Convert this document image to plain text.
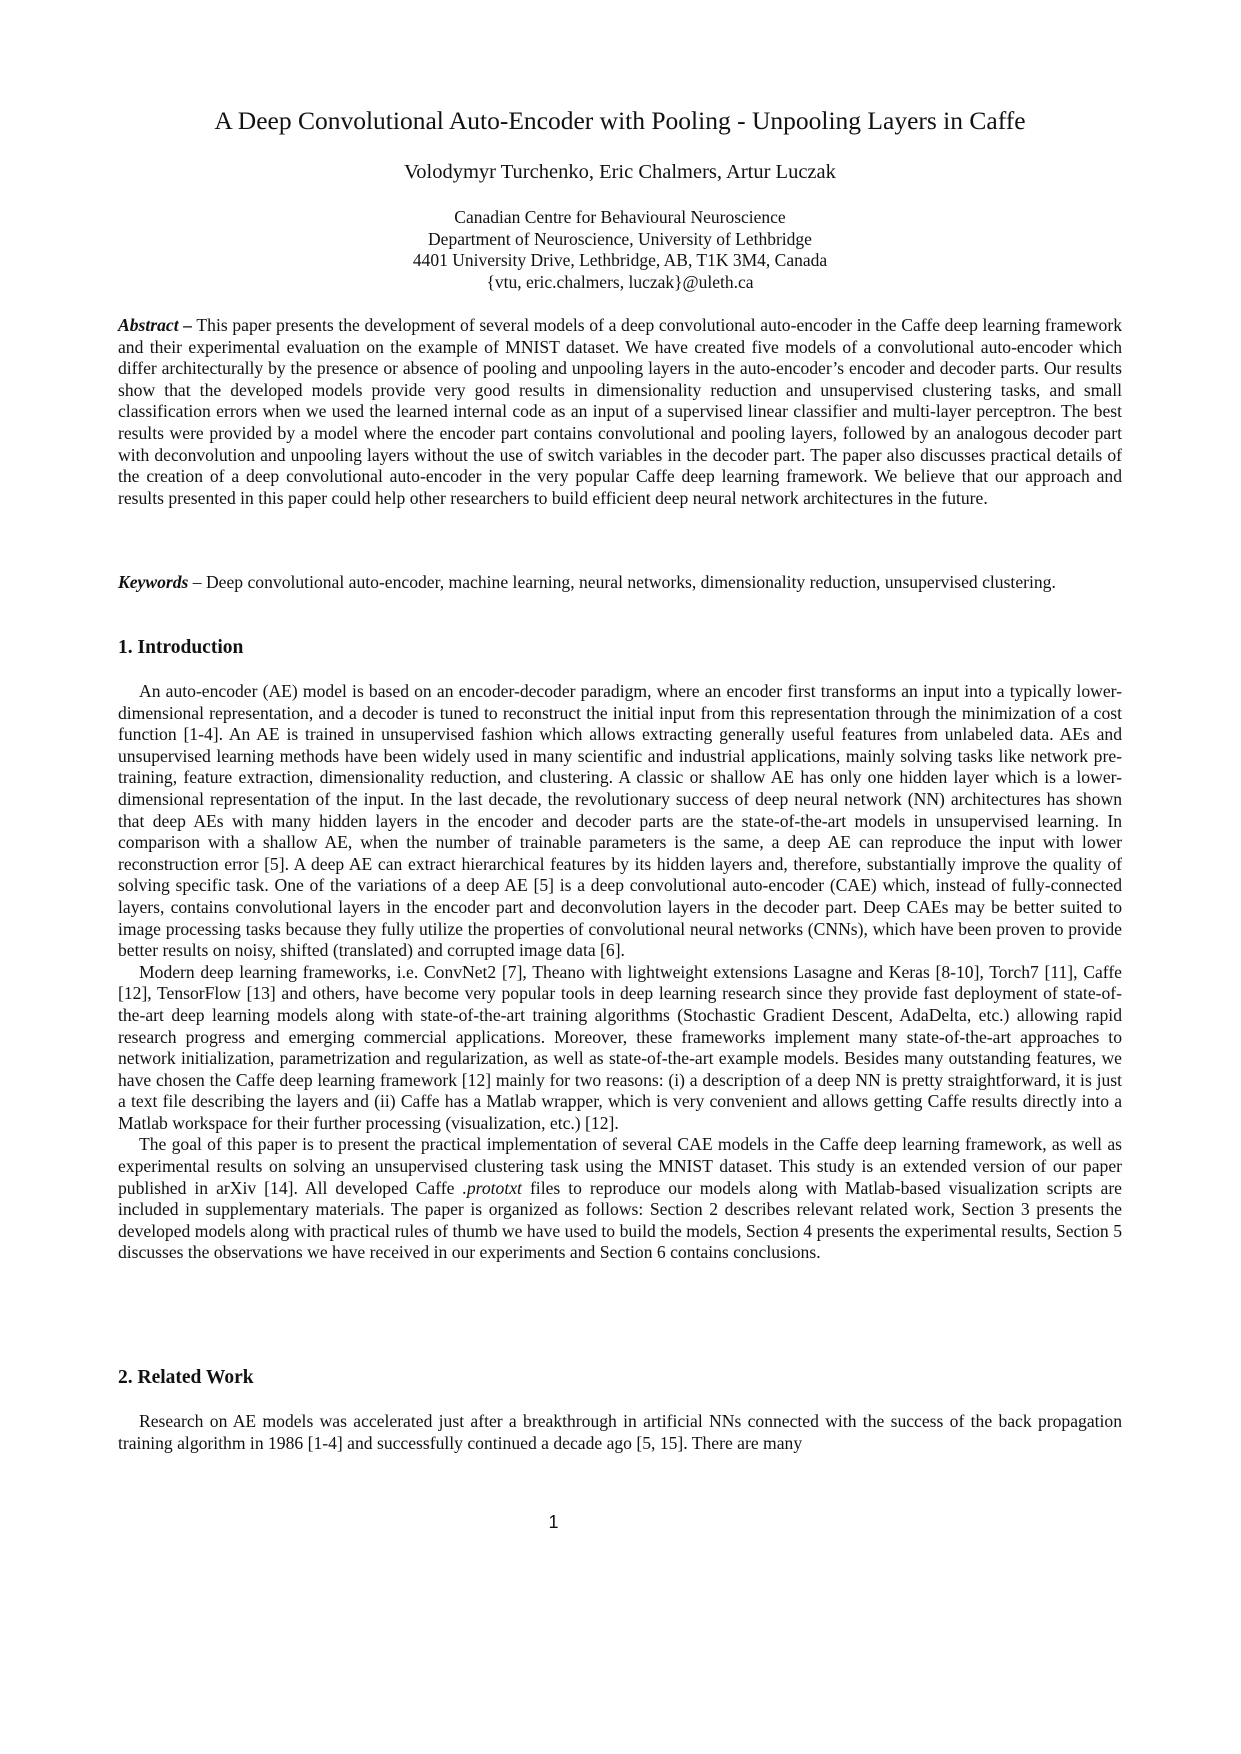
A Deep Convolutional Auto-Encoder with Pooling - Unpooling Layers in Caffe
Volodymyr Turchenko, Eric Chalmers, Artur Luczak
Canadian Centre for Behavioural Neuroscience
Department of Neuroscience, University of Lethbridge
4401 University Drive, Lethbridge, AB, T1K 3M4, Canada
{vtu, eric.chalmers, luczak}@uleth.ca

Abstract – This paper presents the development of several models of a deep convolutional auto-encoder in the Caffe deep learning framework and their experimental evaluation on the example of MNIST dataset. We have created five models of a convolutional auto-encoder which differ architecturally by the presence or absence of pooling and unpooling layers in the auto-encoder’s encoder and decoder parts. Our results show that the developed models provide very good results in dimensionality reduction and unsupervised clustering tasks, and small classification errors when we used the learned internal code as an input of a supervised linear classifier and multi-layer perceptron. The best results were provided by a model where the encoder part contains convolutional and pooling layers, followed by an analogous decoder part with deconvolution and unpooling layers without the use of switch variables in the decoder part. The paper also discusses practical details of the creation of a deep convolutional auto-encoder in the very popular Caffe deep learning framework. We believe that our approach and results presented in this paper could help other researchers to build efficient deep neural network architectures in the future.

Keywords – Deep convolutional auto-encoder, machine learning, neural networks, dimensionality reduction, unsupervised clustering.

1. Introduction

An auto-encoder (AE) model is based on an encoder-decoder paradigm, where an encoder first transforms an input into a typically lower-dimensional representation, and a decoder is tuned to reconstruct the initial input from this representation through the minimization of a cost function [1-4]. An AE is trained in unsupervised fashion which allows extracting generally useful features from unlabeled data. AEs and unsupervised learning methods have been widely used in many scientific and industrial applications, mainly solving tasks like network pre-training, feature extraction, dimensionality reduction, and clustering. A classic or shallow AE has only one hidden layer which is a lower-dimensional representation of the input. In the last decade, the revolutionary success of deep neural network (NN) architectures has shown that deep AEs with many hidden layers in the encoder and decoder parts are the state-of-the-art models in unsupervised learning. In comparison with a shallow AE, when the number of trainable parameters is the same, a deep AE can reproduce the input with lower reconstruction error [5]. A deep AE can extract hierarchical features by its hidden layers and, therefore, substantially improve the quality of solving specific task. One of the variations of a deep AE [5] is a deep convolutional auto-encoder (CAE) which, instead of fully-connected layers, contains convolutional layers in the encoder part and deconvolution layers in the decoder part. Deep CAEs may be better suited to image processing tasks because they fully utilize the properties of convolutional neural networks (CNNs), which have been proven to provide better results on noisy, shifted (translated) and corrupted image data [6].

Modern deep learning frameworks, i.e. ConvNet2 [7], Theano with lightweight extensions Lasagne and Keras [8-10], Torch7 [11], Caffe [12], TensorFlow [13] and others, have become very popular tools in deep learning research since they provide fast deployment of state-of-the-art deep learning models along with state-of-the-art training algorithms (Stochastic Gradient Descent, AdaDelta, etc.) allowing rapid research progress and emerging commercial applications. Moreover, these frameworks implement many state-of-the-art approaches to network initialization, parametrization and regularization, as well as state-of-the-art example models. Besides many outstanding features, we have chosen the Caffe deep learning framework [12] mainly for two reasons: (i) a description of a deep NN is pretty straightforward, it is just a text file describing the layers and (ii) Caffe has a Matlab wrapper, which is very convenient and allows getting Caffe results directly into a Matlab workspace for their further processing (visualization, etc.) [12].

The goal of this paper is to present the practical implementation of several CAE models in the Caffe deep learning framework, as well as experimental results on solving an unsupervised clustering task using the MNIST dataset. This study is an extended version of our paper published in arXiv [14]. All developed Caffe .prototxt files to reproduce our models along with Matlab-based visualization scripts are included in supplementary materials. The paper is organized as follows: Section 2 describes relevant related work, Section 3 presents the developed models along with practical rules of thumb we have used to build the models, Section 4 presents the experimental results, Section 5 discusses the observations we have received in our experiments and Section 6 contains conclusions.

2. Related Work

Research on AE models was accelerated just after a breakthrough in artificial NNs connected with the success of the back propagation training algorithm in 1986 [1-4] and successfully continued a decade ago [5, 15]. There are many

1
